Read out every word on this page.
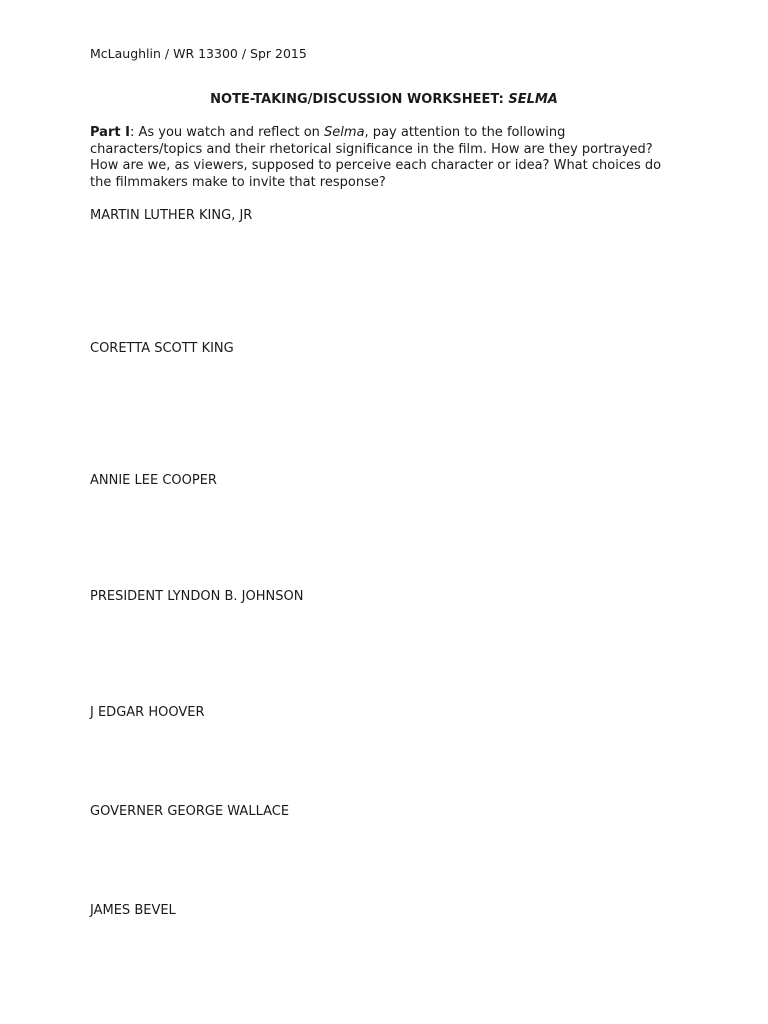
McLaughlin / WR 13300 / Spr 2015
NOTE-TAKING/DISCUSSION WORKSHEET: SELMA
Part I: As you watch and reflect on Selma, pay attention to the following characters/topics and their rhetorical significance in the film. How are they portrayed? How are we, as viewers, supposed to perceive each character or idea? What choices do the filmmakers make to invite that response?
MARTIN LUTHER KING, JR
CORETTA SCOTT KING
ANNIE LEE COOPER
PRESIDENT LYNDON B. JOHNSON
J EDGAR HOOVER
GOVERNER GEORGE WALLACE
JAMES BEVEL
